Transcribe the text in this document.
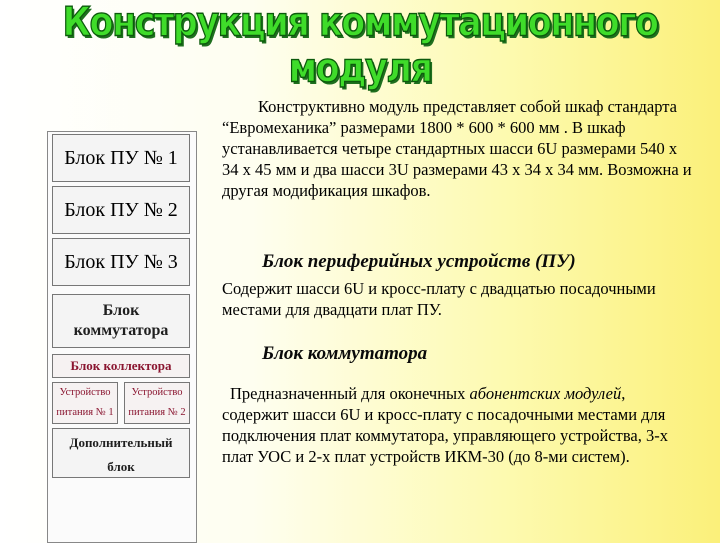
Конструкция коммутационного модуля
Блок ПУ № 1
Блок ПУ № 2
Блок ПУ № 3
Блок
коммутатора
Блок коллектора
Устройство
питания № 1
Устройство
питания № 2
Дополнительный
блок
Конструктивно модуль представляет собой шкаф стандарта “Евромеханика” размерами 1800 * 600 * 600 мм . В шкаф устанавливается четыре стандартных шасси 6U размерами 540 х 34 х 45 мм и два шасси 3U размерами 43 х 34 х 34 мм. Возможна и другая модификация шкафов.
Блок периферийных устройств (ПУ)
Содержит шасси 6U и кросс-плату с двадцатью посадочными местами для двадцати плат ПУ.
Блок коммутатора
Предназначенный для оконечных абонентских модулей, содержит шасси 6U и кросс-плату с посадочными местами для подключения плат коммутатора, управляющего устройства, 3-х плат УОС и 2-х плат устройств ИКМ-30 (до 8-ми систем).
